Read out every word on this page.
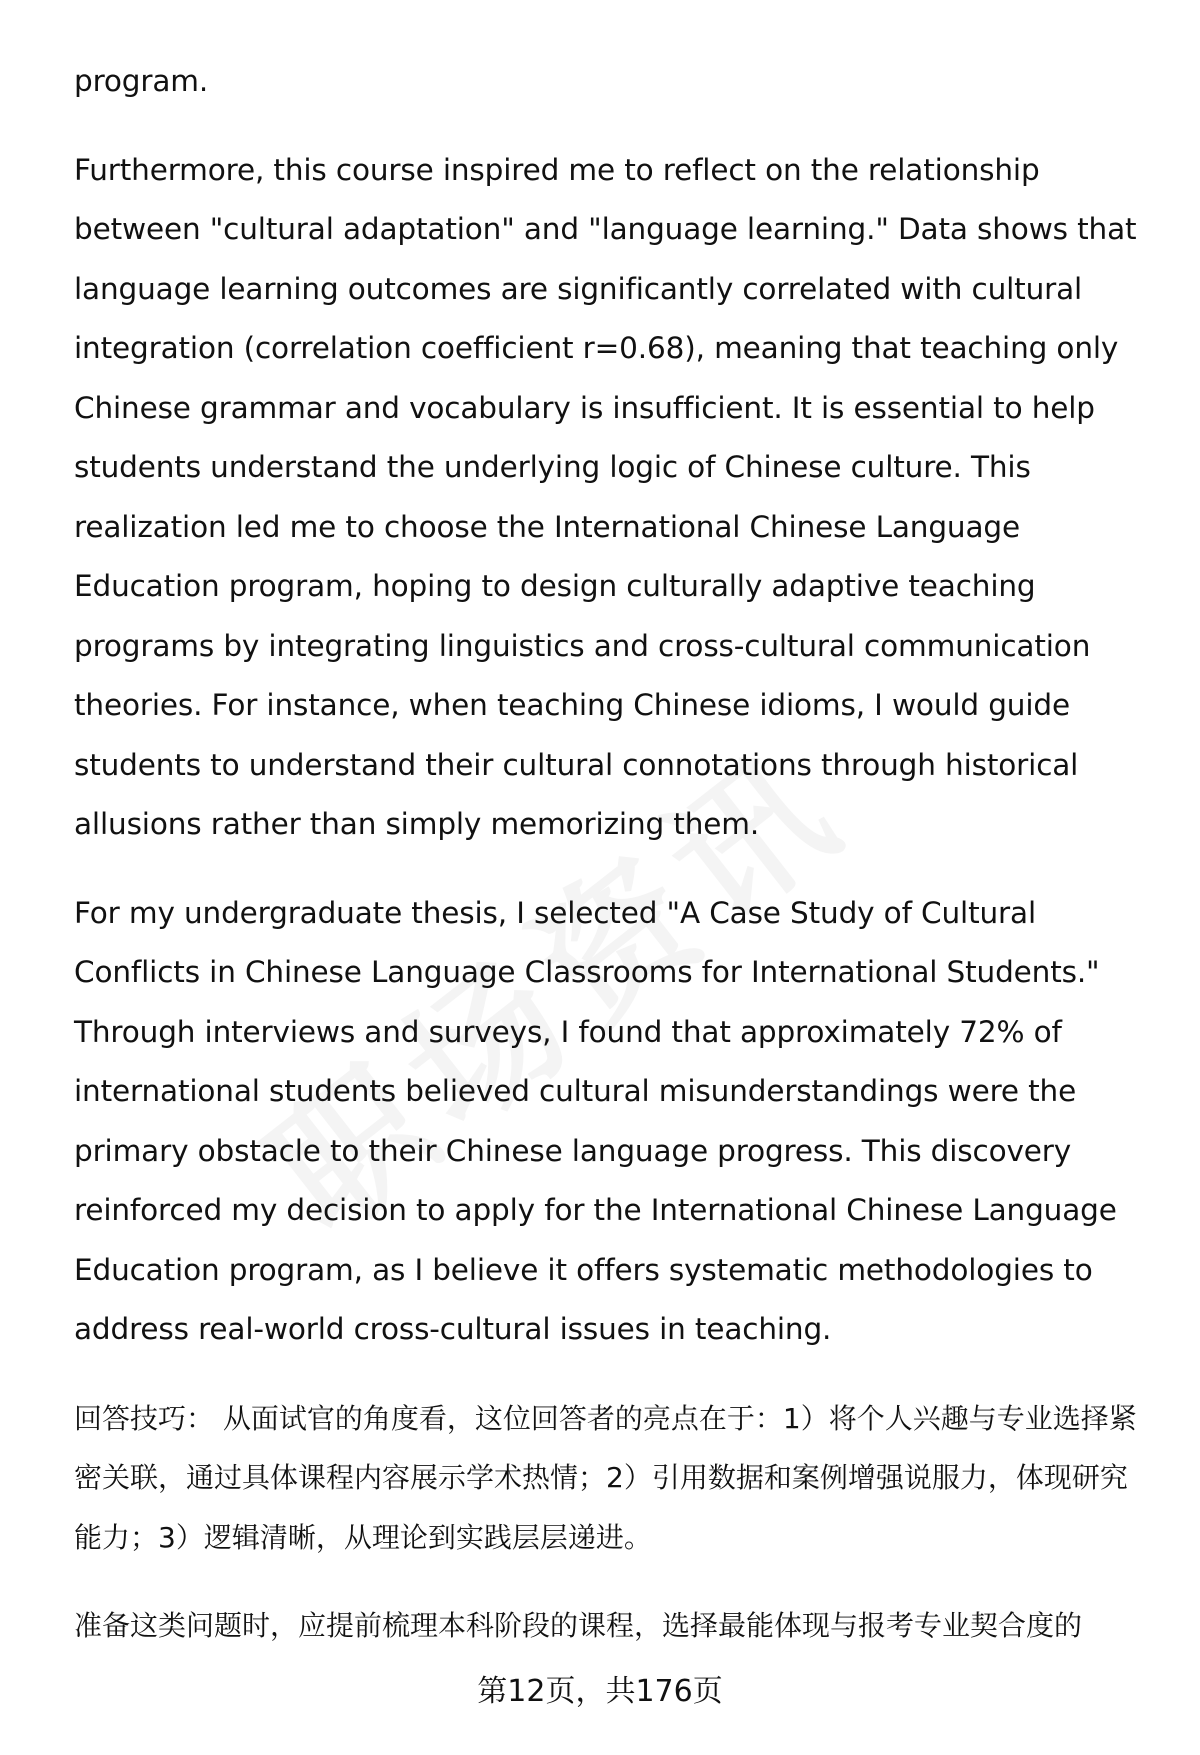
program.

Furthermore, this course inspired me to reflect on the relationship between "cultural adaptation" and "language learning." Data shows that language learning outcomes are significantly correlated with cultural integration (correlation coefficient r=0.68), meaning that teaching only Chinese grammar and vocabulary is insufficient. It is essential to help students understand the underlying logic of Chinese culture. This realization led me to choose the International Chinese Language Education program, hoping to design culturally adaptive teaching programs by integrating linguistics and cross-cultural communication theories. For instance, when teaching Chinese idioms, I would guide students to understand their cultural connotations through historical allusions rather than simply memorizing them.

For my undergraduate thesis, I selected "A Case Study of Cultural Conflicts in Chinese Language Classrooms for International Students." Through interviews and surveys, I found that approximately 72% of international students believed cultural misunderstandings were the primary obstacle to their Chinese language progress. This discovery reinforced my decision to apply for the International Chinese Language Education program, as I believe it offers systematic methodologies to address real-world cross-cultural issues in teaching.

回答技巧： 从面试官的角度看，这位回答者的亮点在于：1）将个人兴趣与专业选择紧密关联，通过具体课程内容展示学术热情；2）引用数据和案例增强说服力，体现研究能力；3）逻辑清晰，从理论到实践层层递进。

准备这类问题时，应提前梳理本科阶段的课程，选择最能体现与报考专业契合度的

第12页，共176页
